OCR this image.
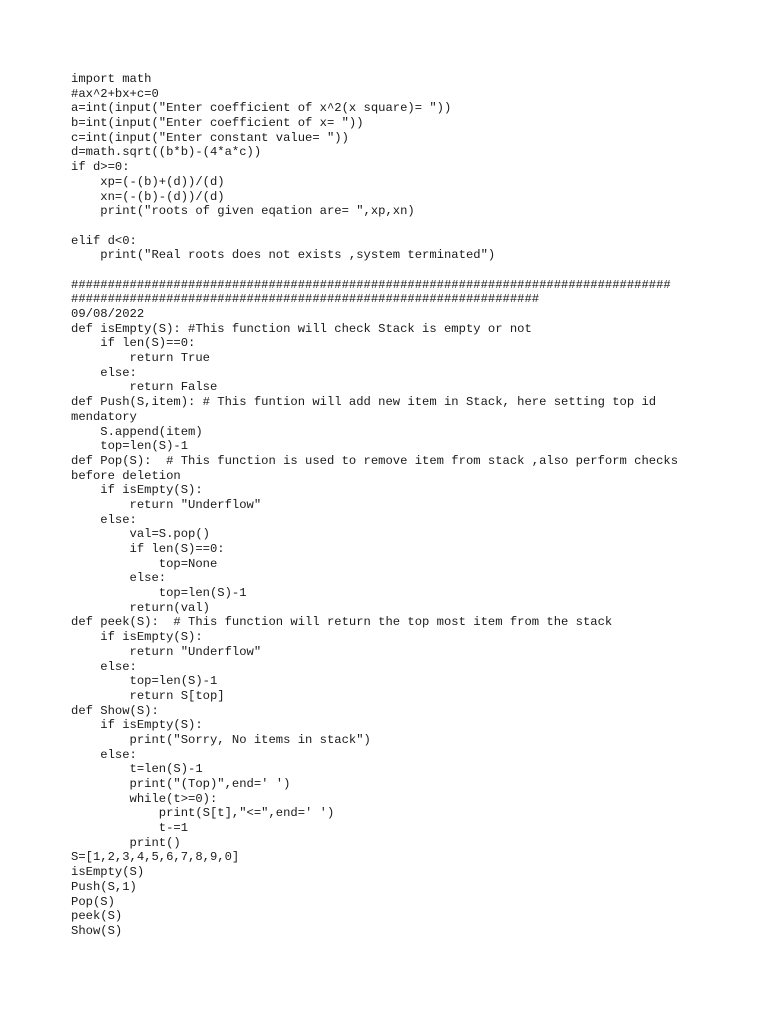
import math
#ax^2+bx+c=0
a=int(input("Enter coefficient of x^2(x square)= "))
b=int(input("Enter coefficient of x= "))
c=int(input("Enter constant value= "))
d=math.sqrt((b*b)-(4*a*c))
if d>=0:
xp=(-(b)+(d))/(d)
xn=(-(b)-(d))/(d)
print("roots of given eqation are= ",xp,xn)
elif d<0:
print("Real roots does not exists ,system terminated")
##################################################################################
################################################################
09/08/2022
def isEmpty(S): #This function will check Stack is empty or not
if len(S)==0:
return True
else:
return False
def Push(S,item): # This funtion will add new item in Stack, here setting top id
mendatory
S.append(item)
top=len(S)-1
def Pop(S):  # This function is used to remove item from stack ,also perform checks
before deletion
if isEmpty(S):
return "Underflow"
else:
val=S.pop()
if len(S)==0:
top=None
else:
top=len(S)-1
return(val)
def peek(S):  # This function will return the top most item from the stack
if isEmpty(S):
return "Underflow"
else:
top=len(S)-1
return S[top]
def Show(S):
if isEmpty(S):
print("Sorry, No items in stack")
else:
t=len(S)-1
print("(Top)",end=' ')
while(t>=0):
print(S[t],"<=",end=' ')
t-=1
print()
S=[1,2,3,4,5,6,7,8,9,0]
isEmpty(S)
Push(S,1)
Pop(S)
peek(S)
Show(S)
